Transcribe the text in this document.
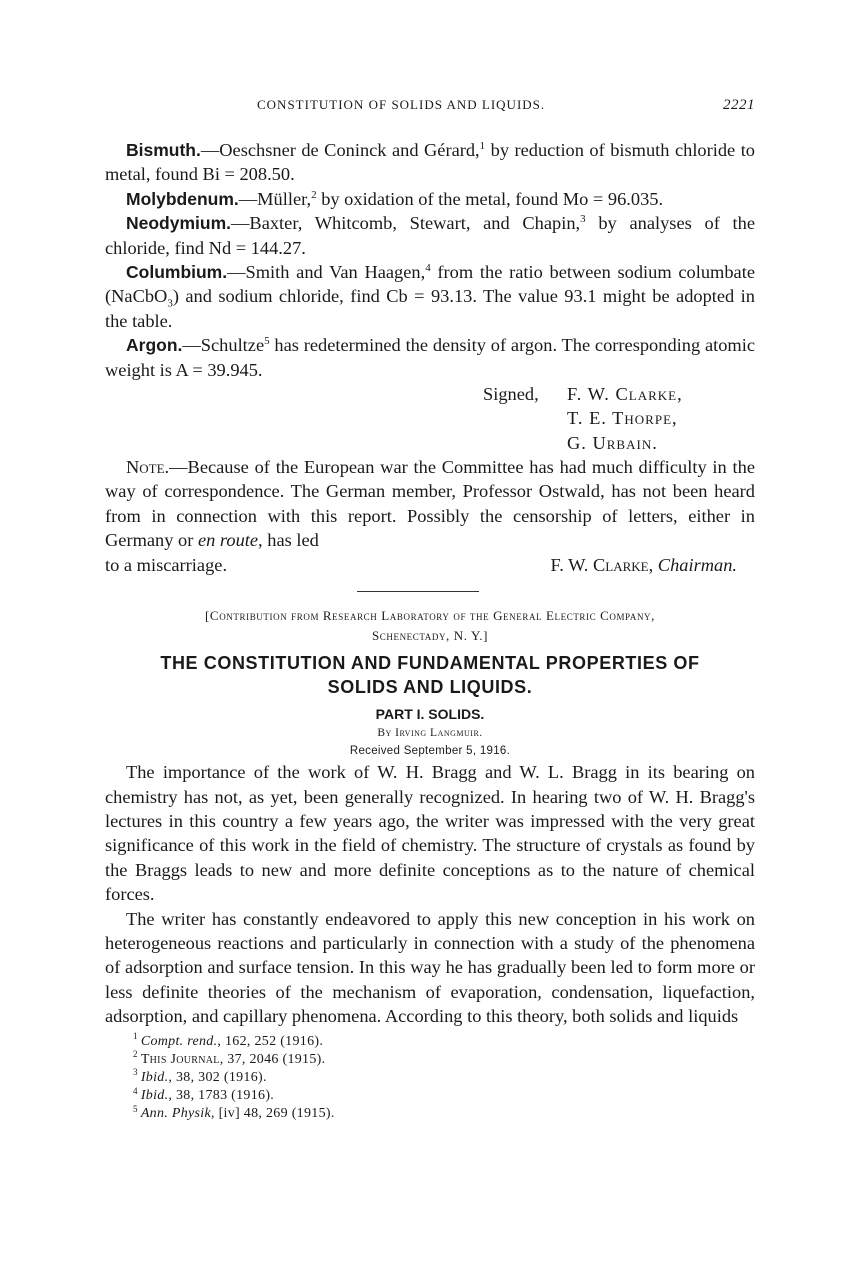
CONSTITUTION OF SOLIDS AND LIQUIDS.	2221

Bismuth.—Oeschsner de Coninck and Gérard,$^1$ by reduction of bismuth chloride to metal, found Bi = 208.50.

Molybdenum.—Müller,$^2$ by oxidation of the metal, found Mo = 96.035.

Neodymium.—Baxter, Whitcomb, Stewart, and Chapin,$^3$ by analyses of the chloride, find Nd = 144.27.

Columbium.—Smith and Van Haagen,$^4$ from the ratio between sodium columbate (NaCbO$_3$) and sodium chloride, find Cb = 93.13. The value 93.1 might be adopted in the table.

Argon.—Schultze$^5$ has redetermined the density of argon. The corresponding atomic weight is A = 39.945.

Signed, F. W. Clarke,
T. E. Thorpe,
G. Urbain.

Note.—Because of the European war the Committee has had much difficulty in the way of correspondence. The German member, Professor Ostwald, has not been heard from in connection with this report. Possibly the censorship of letters, either in Germany or en route, has led

to a miscarriage.	F. W. Clarke, Chairman.

[Contribution from Research Laboratory of the General Electric Company,

Schenectady, N. Y.]

THE CONSTITUTION AND FUNDAMENTAL PROPERTIES OF
SOLIDS AND LIQUIDS.
PART I. SOLIDS.
By Irving Langmuir.
Received September 5, 1916.

The importance of the work of W. H. Bragg and W. L. Bragg in its bearing on chemistry has not, as yet, been generally recognized. In hearing two of W. H. Bragg's lectures in this country a few years ago, the writer was impressed with the very great significance of this work in the field of chemistry. The structure of crystals as found by the Braggs leads to new and more definite conceptions as to the nature of chemical forces.

The writer has constantly endeavored to apply this new conception in his work on heterogeneous reactions and particularly in connection with a study of the phenomena of adsorption and surface tension. In this way he has gradually been led to form more or less definite theories of the mechanism of evaporation, condensation, liquefaction, adsorption, and capillary phenomena. According to this theory, both solids and liquids

$^1$ Compt. rend., 162, 252 (1916).
$^2$ This Journal, 37, 2046 (1915).
$^3$ Ibid., 38, 302 (1916).
$^4$ Ibid., 38, 1783 (1916).
$^5$ Ann. Physik, [iv] 48, 269 (1915).
